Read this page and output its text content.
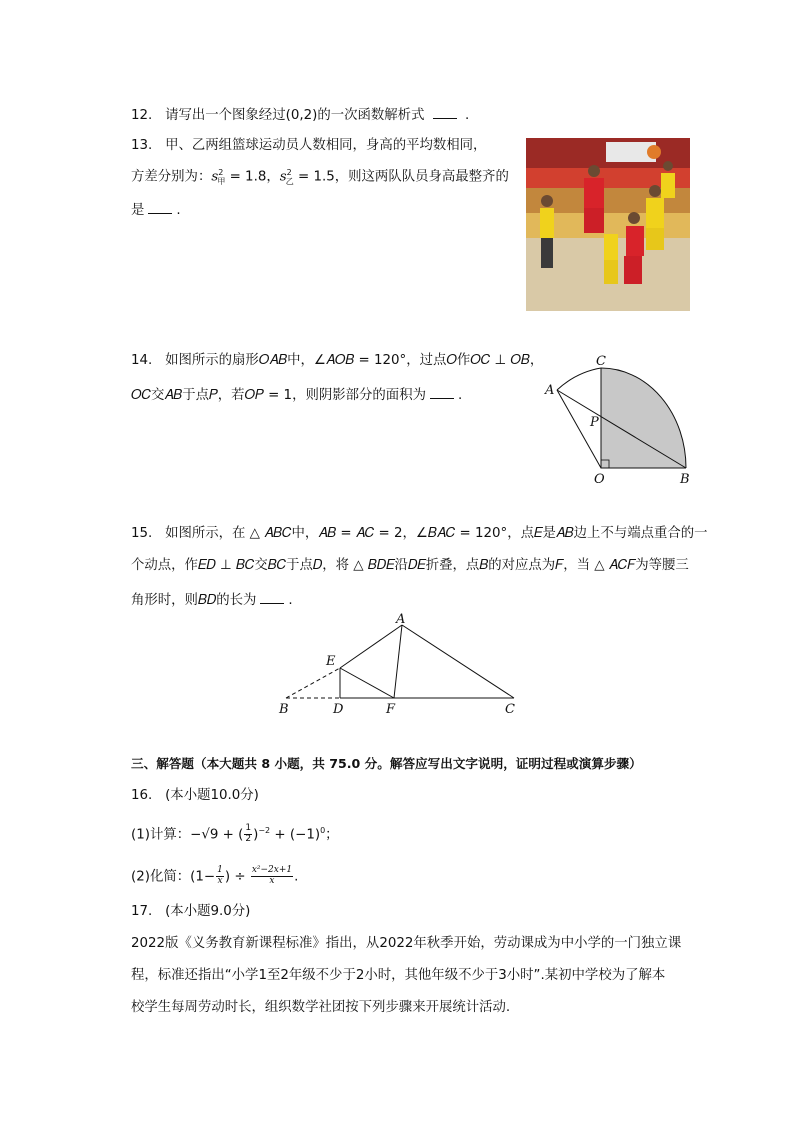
12. 请写出一个图象经过(0,2)的一次函数解析式	.
13. 甲、乙两组篮球运动员人数相同，身高的平均数相同，
方差分别为：$s^2_甲 = 1.8$，$s^2_乙 = 1.5$，则这两队队员身高最整齐的
是 .
14. 如图所示的扇形𝑂𝐴𝐵中，∠𝐴𝑂𝐵 = 120°，过点𝑂作𝑂𝐶 ⊥ 𝑂𝐵，
𝑂𝐶交𝐴𝐵于点𝑃，若𝑂𝑃 = 1，则阴影部分的面积为 .
C
A
P
O	B
15. 如图所示，在 △ 𝐴𝐵𝐶中，𝐴𝐵 = 𝐴𝐶 = 2，∠𝐵𝐴𝐶 = 120°，点𝐸是𝐴𝐵边上不与端点重合的一
个动点，作𝐸𝐷 ⊥ 𝐵𝐶交𝐵𝐶于点𝐷，将 △ 𝐵𝐷𝐸沿𝐷𝐸折叠，点𝐵的对应点为𝐹，当 △ 𝐴𝐶𝐹为等腰三
角形时，则𝐵𝐷的长为 .
A
E
B	D	F	C
三、解答题（本大题共 8 小题，共 75.0 分。解答应写出文字说明，证明过程或演算步骤）
16. (本小题10.0分)
(1)计算：−√9 + ( $\frac{1}{2} )^{-2} + (-1)^0$；
(2)化简：($1- \frac{1}{x}$ ) ÷ $\frac{\text{x²−2x+1}}{x}$ .
17. (本小题9.0分)
2022版《义务教育新课程标准》指出，从2022年秋季开始，劳动课成为中小学的一门独立课
程，标准还指出“小学1至2年级不少于2小时，其他年级不少于3小时”.某初中学校为了解本
校学生每周劳动时长，组织数学社团按下列步骤来开展统计活动.
